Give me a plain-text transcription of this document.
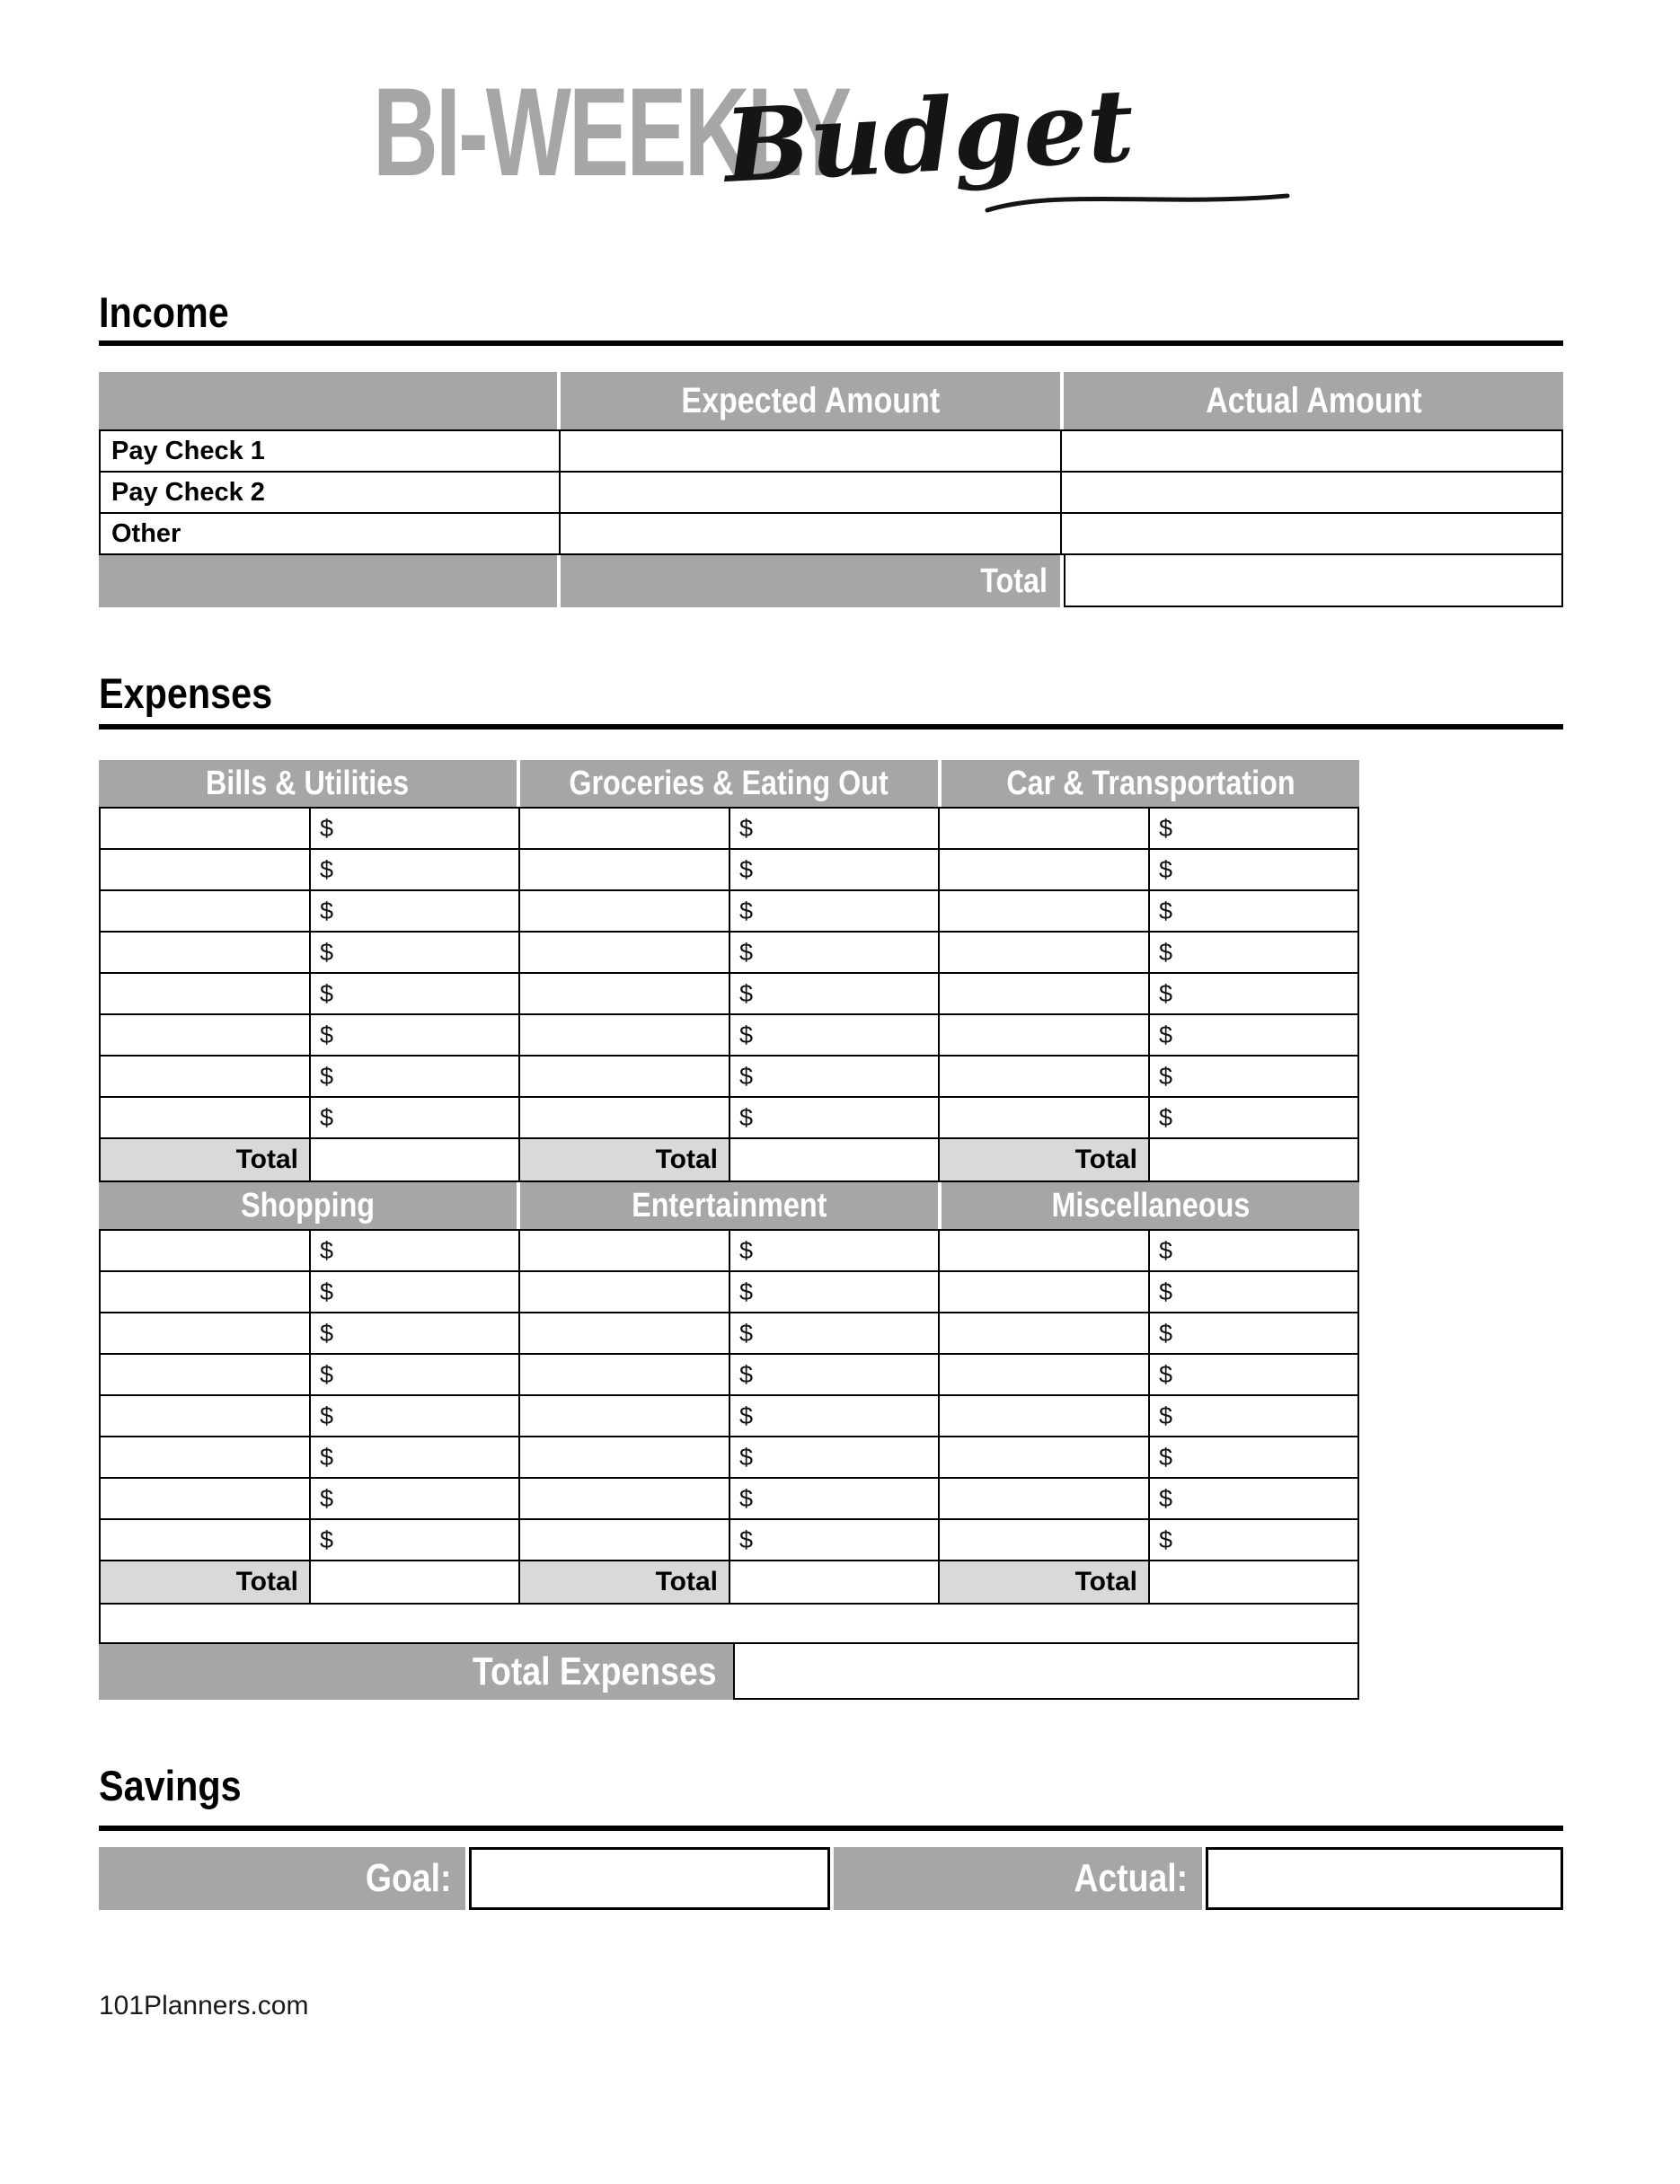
BI-WEEKLY
Budget
Income
Expected Amount	Actual Amount
Pay Check 1
Pay Check 2
Other
Total
Expenses
Bills & Utilities	Groceries & Eating Out	Car & Transportation
$	$	$
$	$	$
$	$	$
$	$	$
$	$	$
$	$	$
$	$	$
$	$	$
Total	Total	Total
Shopping	Entertainment	Miscellaneous
$	$	$
$	$	$
$	$	$
$	$	$
$	$	$
$	$	$
$	$	$
$	$	$
Total	Total	Total
Total Expenses
Savings
Goal:	Actual:
101Planners.com
